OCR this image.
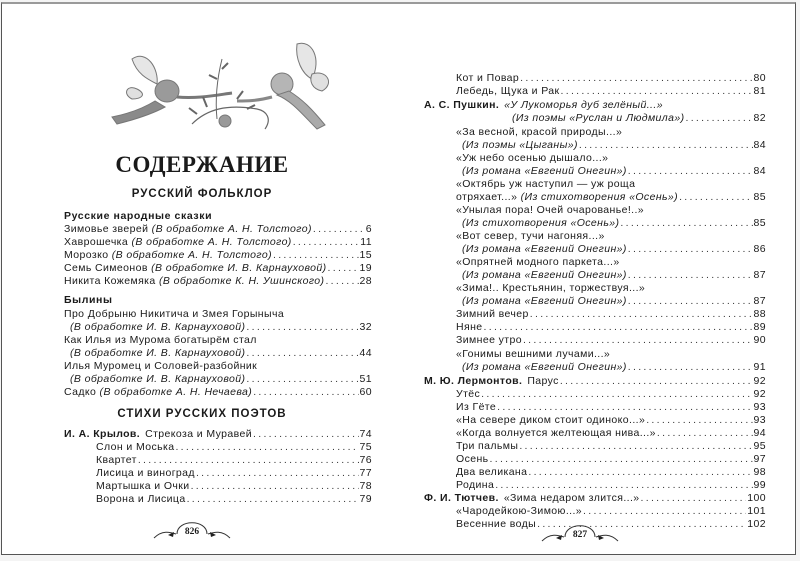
СОДЕРЖАНИЕ
РУССКИЙ ФОЛЬКЛОР
Русские народные сказки
Зимовье зверей (В обработке А. Н. Толстого) .....	6
Хаврошечка (В обработке А. Н. Толстого) .....	11
Морозко (В обработке А. Н. Толстого) .....	15
Семь Симеонов (В обработке И. В. Карнауховой) .....	19
Никита Кожемяка (В обработке К. Н. Ушинского) .....	28
Былины
Про Добрыню Никитича и Змея Горыныча
(В обработке И. В. Карнауховой) .....	32
Как Илья из Мурома богатырём стал
(В обработке И. В. Карнауховой) .....	44
Илья Муромец и Соловей-разбойник
(В обработке И. В. Карнауховой) .....	51
Садко (В обработке А. Н. Нечаева) .....	60
СТИХИ РУССКИХ ПОЭТОВ
И. А. Крылов. Стрекоза и Муравей .....	74
Слон и Моська .....	75
Квартет .....	76
Лисица и виноград .....	77
Мартышка и Очки .....	78
Ворона и Лисица .....	79
826
Кот и Повар .....	80
Лебедь, Щука и Рак .....	81
А. С. Пушкин. «У Лукоморья дуб зелёный...»
(Из поэмы «Руслан и Людмила») .....	82
«За весной, красой природы...»
(Из поэмы «Цыганы») .....	84
«Уж небо осенью дышало...»
(Из романа «Евгений Онегин») .....	84
«Октябрь уж наступил — уж роща
отряхает...» (Из стихотворения «Осень») .....	85
«Унылая пора! Очей очарованье!..»
(Из стихотворения «Осень») .....	85
«Вот север, тучи нагоняя...»
(Из романа «Евгений Онегин») .....	86
«Опрятней модного паркета...»
(Из романа «Евгений Онегин») .....	87
«Зима!.. Крестьянин, торжествуя...»
(Из романа «Евгений Онегин») .....	87
Зимний вечер .....	88
Няне .....	89
Зимнее утро .....	90
«Гонимы вешними лучами...»
(Из романа «Евгений Онегин») .....	91
М. Ю. Лермонтов. Парус .....	92
Утёс .....	92
Из Гёте .....	93
«На севере диком стоит одиноко...» .....	93
«Когда волнуется желтеющая нива...» .....	94
Три пальмы .....	95
Осень .....	97
Два великана .....	98
Родина .....	99
Ф. И. Тютчев. «Зима недаром злится...» .....	100
«Чародейкою-Зимою...» .....	101
Весенние воды .....	102
827
